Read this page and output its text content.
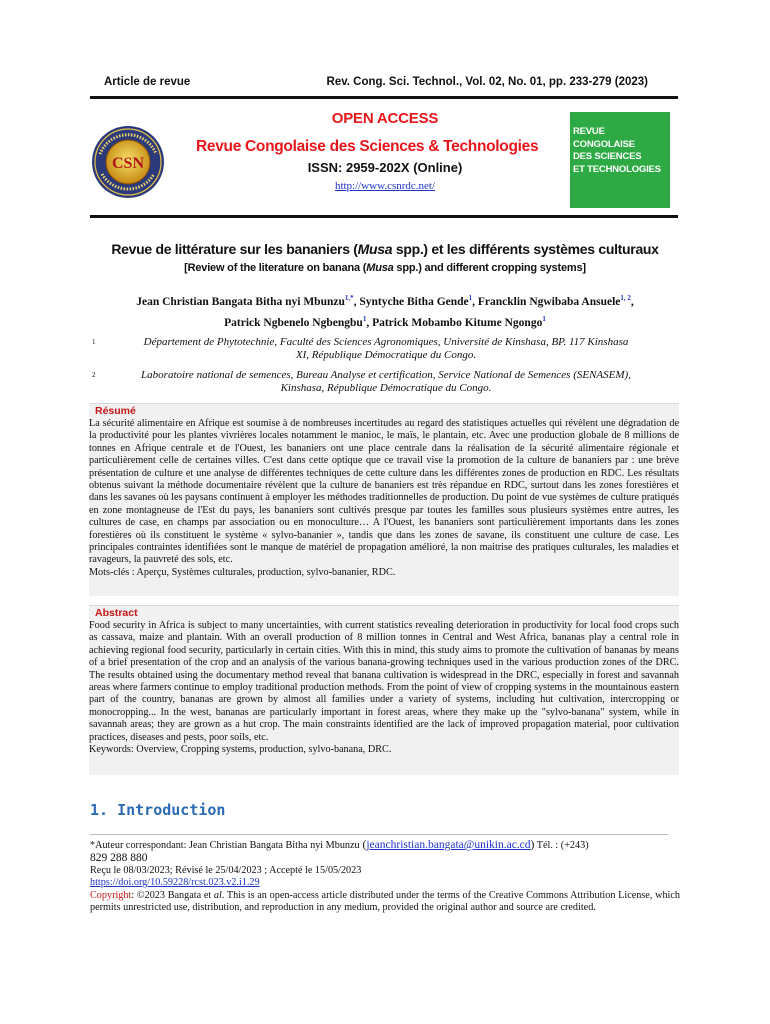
Article de revue	Rev. Cong. Sci. Technol., Vol. 02, No. 01, pp. 233-279 (2023)
OPEN ACCESS
CSN
Revue Congolaise des Sciences & Technologies
ISSN: 2959-202X (Online)
http://www.csnrdc.net/
REVUE
CONGOLAISE
DES SCIENCES
ET TECHNOLOGIES
Revue de littérature sur les bananiers (Musa spp.) et les différents systèmes culturaux
[Review of the literature on banana (Musa spp.) and different cropping systems]
Jean Christian Bangata Bitha nyi Mbunzu$^{1,*}$, Syntyche Bitha Gende$^1$, Francklin Ngwibaba Ansuele$^{1, 2}$,
Patrick Ngbenelo Ngbengbu$^1$, Patrick Mobambo Kitume Ngongo$^1$
1	Département de Phytotechnie, Faculté des Sciences Agronomiques, Université de Kinshasa, BP. 117 Kinshasa
XI, République Démocratique du Congo.
2	Laboratoire national de semences, Bureau Analyse et certification, Service National de Semences (SENASEM),
Kinshasa, République Démocratique du Congo.
Résumé

La sécurité alimentaire en Afrique est soumise à de nombreuses incertitudes au regard des statistiques actuelles qui révèlent une dégradation de la productivité pour les plantes vivrières locales notamment le manioc, le maïs, le plantain, etc. Avec une production globale de 8 millions de tonnes en Afrique centrale et de l'Ouest, les bananiers ont une place centrale dans la réalisation de la sécurité alimentaire régionale et particulièrement celle de certaines villes. C'est dans cette optique que ce travail vise la promotion de la culture de bananiers par : une brève présentation de culture et une analyse de différentes techniques de cette culture dans les différentes zones de production en RDC. Les résultats obtenus suivant la méthode documentaire révèlent que la culture de bananiers est très répandue en RDC, surtout dans les zones forestières et dans les savanes où les paysans continuent à employer les méthodes traditionnelles de production. Du point de vue systèmes de culture pratiqués en zone montagneuse de l'Est du pays, les bananiers sont cultivés presque par toutes les familles sous plusieurs systèmes entre autres, les cultures de case, en champs par association ou en monoculture… A l'Ouest, les bananiers sont particulièrement importants dans les zones forestières où ils constituent le système « sylvo-bananier », tandis que dans les zones de savane, ils constituent une culture de case. Les principales contraintes identifiées sont le manque de matériel de propagation amélioré, la non maitrise des pratiques culturales, les maladies et ravageurs, la pauvreté des sols, etc.

Mots-clés : Aperçu, Systèmes culturales, production, sylvo-bananier, RDC.

Abstract

Food security in Africa is subject to many uncertainties, with current statistics revealing deterioration in productivity for local food crops such as cassava, maize and plantain. With an overall production of 8 million tonnes in Central and West Africa, bananas play a central role in achieving regional food security, particularly in certain cities. With this in mind, this study aims to promote the cultivation of bananas by means of a brief presentation of the crop and an analysis of the various banana-growing techniques used in the various production zones of the DRC. The results obtained using the documentary method reveal that banana cultivation is widespread in the DRC, especially in forest and savannah areas where farmers continue to employ traditional production methods. From the point of view of cropping systems in the mountainous eastern part of the country, bananas are grown by almost all families under a variety of systems, including hut cultivation, intercropping or monocropping... In the west, bananas are particularly important in forest areas, where they make up the "sylvo-banana" system, while in savannah areas; they are grown as a hut crop. The main constraints identified are the lack of improved propagation material, poor cultivation practices, diseases and pests, poor soils, etc.

Keywords: Overview, Cropping systems, production, sylvo-banana, DRC.

1. Introduction
*Auteur correspondant: Jean Christian Bangata Bitha nyi Mbunzu (jeanchristian.bangata@unikin.ac.cd) Tél. : (+243)
829 288 880
Reçu le 08/03/2023; Révisé le 25/04/2023 ; Accepté le 15/05/2023
https://doi.org/10.59228/rcst.023.v2.i1.29
Copyright: ©2023 Bangata et al. This is an open-access article distributed under the terms of the Creative Commons Attribution License, which permits unrestricted use, distribution, and reproduction in any medium, provided the original author and source are credited.
